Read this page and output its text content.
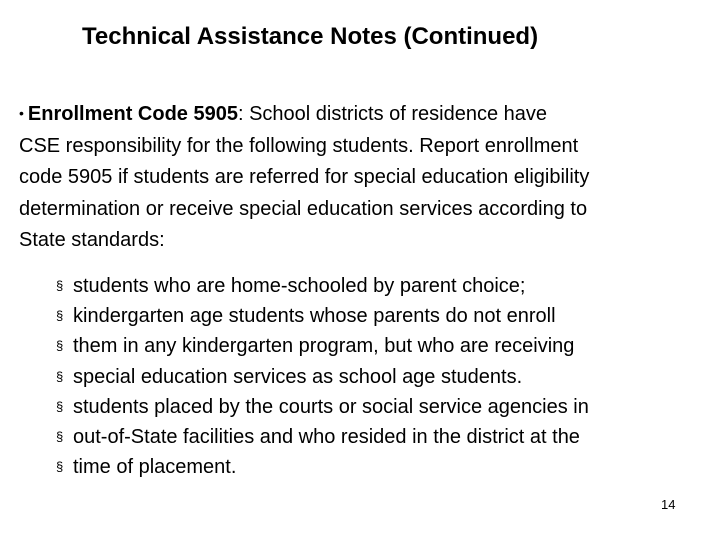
Technical Assistance Notes (Continued)
• Enrollment Code 5905: School districts of residence have
CSE responsibility for the following students. Report enrollment
code 5905 if students are referred for special education eligibility
determination or receive special education services according to
State standards:
§ students who are home-schooled by parent choice;
§ kindergarten age students whose parents do not enroll
§ them in any kindergarten program, but who are receiving
§ special education services as school age students.
§ students placed by the courts or social service agencies in
§ out-of-State facilities and who resided in the district at the
§ time of placement.
14
